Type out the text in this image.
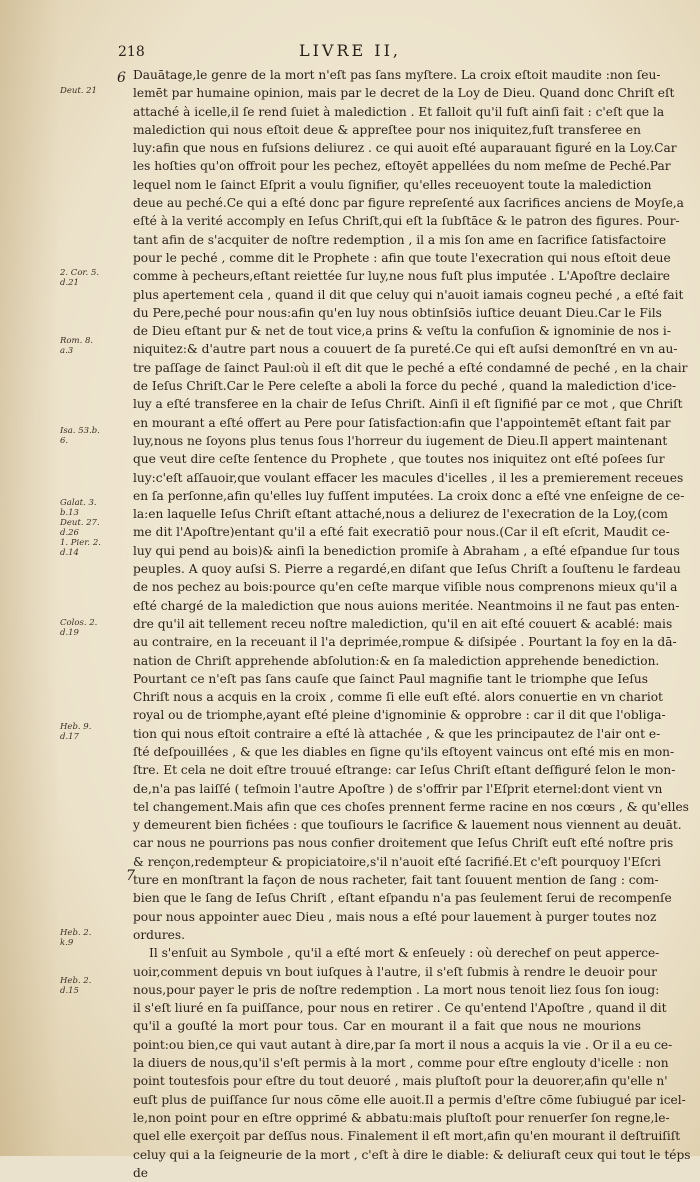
218	LIVRE II,
Deut. 21
2. Cor. 5.
d.21
Rom. 8.
a.3
Isa. 53.b.
6.
Galat. 3.
b.13
Deut. 27.
d.26
1. Pier. 2.
d.14
Colos. 2.
d.19
Heb. 9.
d.17
Heb. 2.
k.9
Heb. 2.
d.15
6
7
Dauātage,le genre de la mort n'eſt pas ſans myſtere. La croix eſtoit maudite :non ſeu-
lemēt par humaine opinion, mais par le decret de la Loy de Dieu. Quand donc Chriſt eſt
attaché à icelle,il ſe rend ſuiet à malediction . Et falloit qu'il fuſt ainſi fait : c'eſt que la
malediction qui nous eſtoit deue & appreſtee pour nos iniquitez,fuſt transferee en
luy:afin que nous en fuſsions deliurez . ce qui auoit eſté auparauant figuré en la Loy.Car
les hoſties qu'on offroit pour les pechez, eſtoyēt appellées du nom meſme de Peché.Par
lequel nom le ſainct Eſprit a voulu ſignifier, qu'elles receuoyent toute la malediction
deue au peché.Ce qui a eſté donc par figure repreſenté aux ſacrifices anciens de Moyſe,a
eſté à la verité accomply en Ieſus Chriſt,qui eſt la ſubſtāce & le patron des figures. Pour-
tant afin de s'acquiter de noſtre redemption , il a mis ſon ame en ſacrifice ſatisfactoire
pour le peché , comme dit le Prophete : afin que toute l'execration qui nous eſtoit deue
comme à pecheurs,eſtant reiettée ſur luy,ne nous fuſt plus imputée . L'Apoſtre declaire
plus apertement cela , quand il dit que celuy qui n'auoit iamais cogneu peché , a eſté fait
du Pere,peché pour nous:afin qu'en luy nous obtinſsiōs iuſtice deuant Dieu.Car le Fils
de Dieu eſtant pur & net de tout vice,a prins & veſtu la confuſion & ignominie de nos i-
niquitez:& d'autre part nous a couuert de ſa pureté.Ce qui eſt auſsi demonſtré en vn au-
tre paſſage de ſainct Paul:où il eſt dit que le peché a eſté condamné de peché , en la chair
de Ieſus Chriſt.Car le Pere celeſte a aboli la force du peché , quand la malediction d'ice-
luy a eſté transferee en la chair de Ieſus Chriſt. Ainſi il eſt ſignifié par ce mot , que Chriſt
en mourant a eſté offert au Pere pour ſatisfaction:afin que l'appointemēt eſtant fait par
luy,nous ne ſoyons plus tenus ſous l'horreur du iugement de Dieu.Il appert maintenant
que veut dire ceſte ſentence du Prophete , que toutes nos iniquitez ont eſté poſees ſur
luy:c'eſt aſſauoir,que voulant effacer les macules d'icelles , il les a premierement receues
en ſa perſonne,afin qu'elles luy fuſſent imputées. La croix donc a eſté vne enſeigne de ce-
la:en laquelle Ieſus Chriſt eſtant attaché,nous a deliurez de l'execration de la Loy,(com
me dit l'Apoſtre)entant qu'il a eſté fait execratiō pour nous.(Car il eſt eſcrit, Maudit ce-
luy qui pend au bois)& ainſi la benediction promiſe à Abraham , a eſté eſpandue ſur tous
peuples. A quoy auſsi S. Pierre a regardé,en diſant que Ieſus Chriſt a ſouſtenu le fardeau
de nos pechez au bois:pource qu'en ceſte marque viſible nous comprenons mieux qu'il a
eſté chargé de la malediction que nous auions meritée. Neantmoins il ne faut pas enten-
dre qu'il ait tellement receu noſtre malediction, qu'il en ait eſté couuert & acablé: mais
au contraire, en la receuant il l'a deprimée,rompue & diſsipée . Pourtant la foy en la dā-
nation de Chriſt apprehende abſolution:& en ſa malediction apprehende benediction.
Pourtant ce n'eſt pas ſans cauſe que ſainct Paul magnifie tant le triomphe que Ieſus
Chriſt nous a acquis en la croix , comme ſi elle euſt eſté. alors conuertie en vn chariot
royal ou de triomphe,ayant eſté pleine d'ignominie & opprobre : car il dit que l'obliga-
tion qui nous eſtoit contraire a eſté là attachée , & que les principautez de l'air ont e-
ſté deſpouillées , & que les diables en ſigne qu'ils eſtoyent vaincus ont eſté mis en mon-
ſtre. Et cela ne doit eſtre trouué eſtrange: car Ieſus Chriſt eſtant deſfiguré ſelon le mon-
de,n'a pas laiſſé ( teſmoin l'autre Apoſtre ) de s'offrir par l'Eſprit eternel:dont vient vn
tel changement.Mais afin que ces choſes prennent ferme racine en nos cœurs , & qu'elles
y demeurent bien fichées : que touſiours le ſacrifice & lauement nous viennent au deuāt.
car nous ne pourrions pas nous confier droitement que Ieſus Chriſt euſt eſté noſtre pris
& rençon,redempteur & propiciatoire,s'il n'auoit eſté ſacrifié.Et c'eſt pourquoy l'Eſcri
ture en monſtrant la façon de nous racheter, fait tant ſouuent mention de ſang : com-
bien que le ſang de Ieſus Chriſt , eſtant eſpandu n'a pas ſeulement ſerui de recompenſe
pour nous appointer auec Dieu , mais nous a eſté pour lauement à purger toutes noz
ordures.
Il s'enſuit au Symbole , qu'il a eſté mort & enſeuely : où derechef on peut apperce-
uoir,comment depuis vn bout iuſques à l'autre, il s'eſt ſubmis à rendre le deuoir pour
nous,pour payer le pris de noſtre redemption . La mort nous tenoit liez ſous ſon ioug:
il s'eſt liuré en ſa puiſſance, pour nous en retirer . Ce qu'entend l'Apoſtre , quand il dit
qu'il a gouſté la mort pour tous. Car en mourant il a fait que nous ne mourions
point:ou bien,ce qui vaut autant à dire,par ſa mort il nous a acquis la vie . Or il a eu ce-
la diuers de nous,qu'il s'eſt permis à la mort , comme pour eſtre englouty d'icelle : non
point toutesfois pour eſtre du tout deuoré , mais pluſtoſt pour la deuorer,afin qu'elle n'
euſt plus de puiſſance ſur nous cōme elle auoit.Il a permis d'eſtre cōme ſubiugué par icel-
le,non point pour en eſtre opprimé & abbatu:mais pluſtoſt pour renuerſer ſon regne,le-
quel elle exerçoit par deſſus nous. Finalement il eſt mort,afin qu'en mourant il deſtruiſiſt
celuy qui a la ſeigneurie de la mort , c'eſt à dire le diable: & deliuraſt ceux qui tout le téps
de
